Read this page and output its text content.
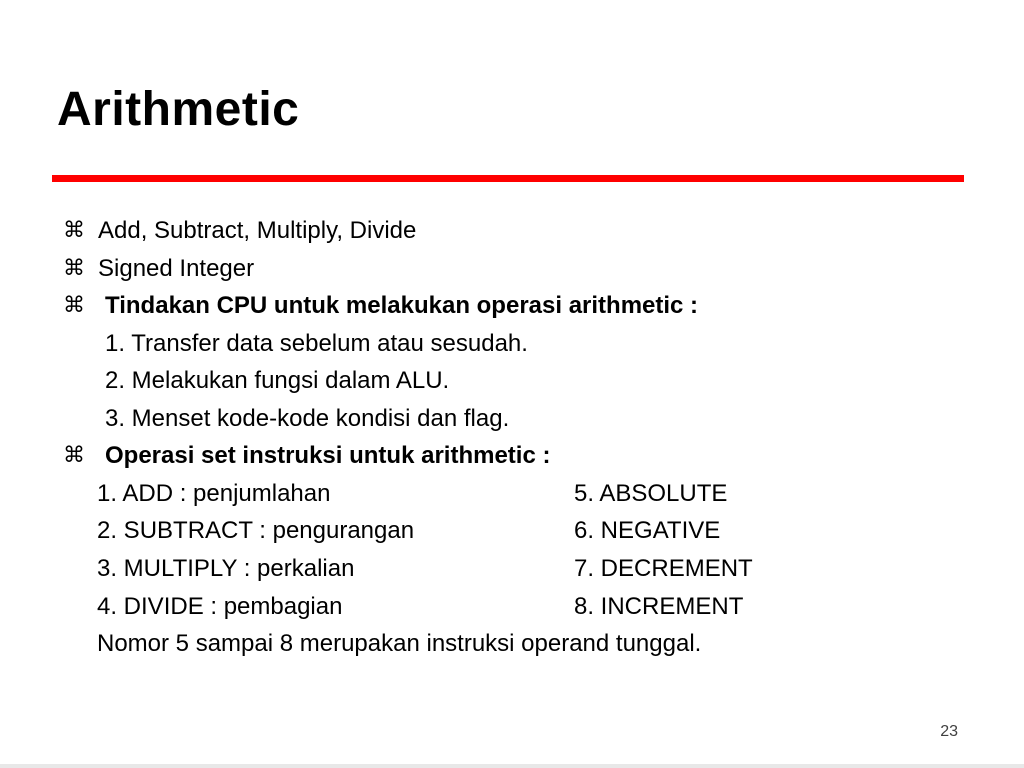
Arithmetic
⌘ Add, Subtract, Multiply, Divide
⌘ Signed Integer
⌘ Tindakan CPU untuk melakukan operasi arithmetic :
1. Transfer data sebelum atau sesudah.
2. Melakukan fungsi dalam ALU.
3. Menset kode-kode kondisi dan flag.
⌘ Operasi set instruksi untuk arithmetic :
1. ADD : penjumlahan
2. SUBTRACT : pengurangan
3. MULTIPLY : perkalian
4. DIVIDE : pembagian
5. ABSOLUTE
6. NEGATIVE
7. DECREMENT
8. INCREMENT
Nomor 5 sampai 8 merupakan instruksi operand tunggal.
23
